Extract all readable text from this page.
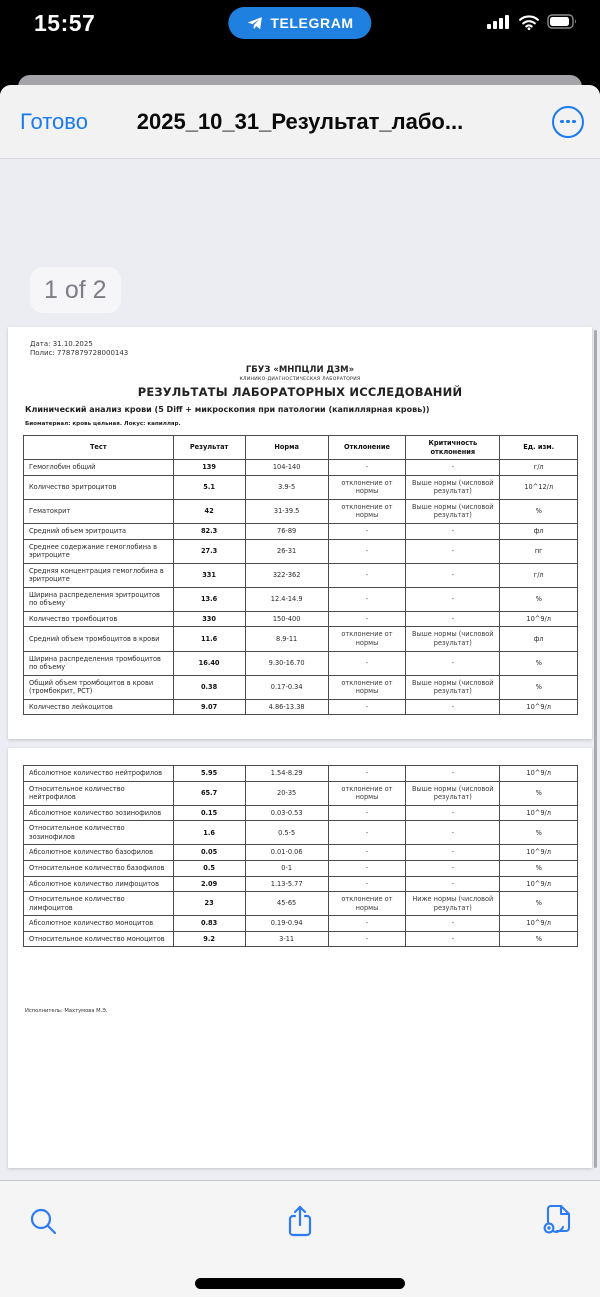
15:57	TELEGRAM
Готово	2025_10_31_Результат_лабо...
1 of 2
Дата: 31.10.2025
Полис: 7787879728000143
ГБУЗ «МНПЦЛИ ДЗМ»
КЛИНИКО-ДИАГНОСТИЧЕСКАЯ ЛАБОРАТОРИЯ
РЕЗУЛЬТАТЫ ЛАБОРАТОРНЫХ ИССЛЕДОВАНИЙ
Клинический анализ крови (5 Diff + микроскопия при патологии (капиллярная кровь))
Биоматериал: кровь цельная. Локус: капилляр.
Тест	Результат	Норма	Отклонение	Критичность отклонения	Ед. изм.
Гемоглобин общий	139	104-140	-	-	г/л
Количество эритроцитов	5.1	3.9-5	отклонение от нормы	Выше нормы (числовой результат)	10^12/л
Гематокрит	42	31-39.5	отклонение от нормы	Выше нормы (числовой результат)	%
Средний объем эритроцита	82.3	76-89	-	-	фл
Среднее содержание гемоглобина в эритроците	27.3	26-31	-	-	пг
Средняя концентрация гемоглобина в эритроците	331	322-362	-	-	г/л
Ширина распределения эритроцитов по объему	13.6	12.4-14.9	-	-	%
Количество тромбоцитов	330	150-400	-	-	10^9/л
Средний объем тромбоцитов в крови	11.6	8.9-11	отклонение от нормы	Выше нормы (числовой результат)	фл
Ширина распределения тромбоцитов по объему	16.40	9.30-16.70	-	-	%
Общий объем тромбоцитов в крови (тромбокрит, PCT)	0.38	0.17-0.34	отклонение от нормы	Выше нормы (числовой результат)	%
Количество лейкоцитов	9.07	4.86-13.38	-	-	10^9/л
Абсолютное количество нейтрофилов	5.95	1.54-8.29	-	-	10^9/л
Относительное количество нейтрофилов	65.7	20-35	отклонение от нормы	Выше нормы (числовой результат)	%
Абсолютное количество эозинофилов	0.15	0.03-0.53	-	-	10^9/л
Относительное количество эозинофилов	1.6	0.5-5	-	-	%
Абсолютное количество базофилов	0.05	0.01-0.06	-	-	10^9/л
Относительное количество базофилов	0.5	0-1	-	-	%
Абсолютное количество лимфоцитов	2.09	1.13-5.77	-	-	10^9/л
Относительное количество лимфоцитов	23	45-65	отклонение от нормы	Ниже нормы (числовой результат)	%
Абсолютное количество моноцитов	0.83	0.19-0.94	-	-	10^9/л
Относительное количество моноцитов	9.2	3-11	-	-	%
Исполнитель: Махтумова М.Э.
